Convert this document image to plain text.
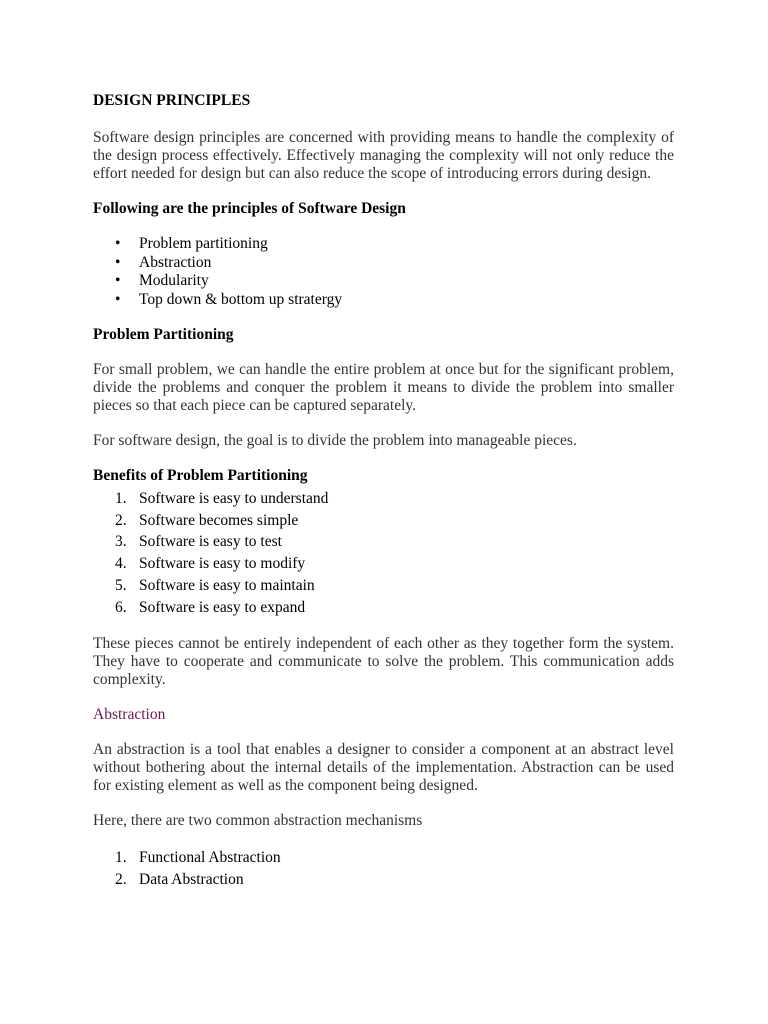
DESIGN PRINCIPLES

Software design principles are concerned with providing means to handle the complexity of the design process effectively. Effectively managing the complexity will not only reduce the effort needed for design but can also reduce the scope of introducing errors during design.

Following are the principles of Software Design
• Problem partitioning
• Abstraction
• Modularity
• Top down & bottom up stratergy
Problem Partitioning

For small problem, we can handle the entire problem at once but for the significant problem, divide the problems and conquer the problem it means to divide the problem into smaller pieces so that each piece can be captured separately.

For software design, the goal is to divide the problem into manageable pieces.

Benefits of Problem Partitioning
1. Software is easy to understand
2. Software becomes simple
3. Software is easy to test
4. Software is easy to modify
5. Software is easy to maintain
6. Software is easy to expand

These pieces cannot be entirely independent of each other as they together form the system. They have to cooperate and communicate to solve the problem. This communication adds complexity.

Abstraction

An abstraction is a tool that enables a designer to consider a component at an abstract level without bothering about the internal details of the implementation. Abstraction can be used for existing element as well as the component being designed.

Here, there are two common abstraction mechanisms

1. Functional Abstraction
2. Data Abstraction
